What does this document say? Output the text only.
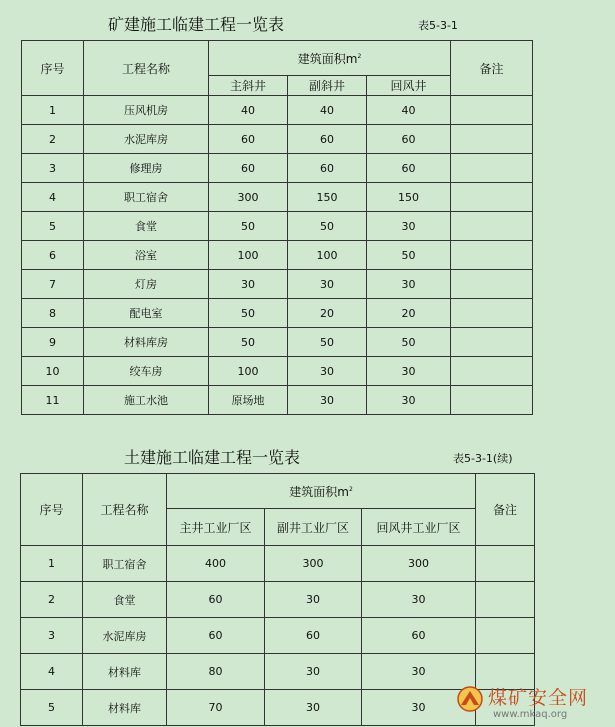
矿建施工临建工程一览表	表5-3-1
序号	工程名称	建筑面积$m^2$			备注
		主斜井	副斜井	回风井	
1	压风机房	40	40	40	
2	水泥库房	60	60	60	
3	修理房	60	60	60	
4	职工宿舍	300	150	150	
5	食堂	50	50	30	
6	浴室	100	100	50	
7	灯房	30	30	30	
8	配电室	50	20	20	
9	材料库房	50	50	50	
10	绞车房	100	30	30	
11	施工水池	原场地	30	30	
土建施工临建工程一览表	表5-3-1(续)
序号	工程名称	建筑面积$m^2$			备注
		主井工业厂区	副井工业厂区	回风井工业厂区	
1	职工宿舍	400	300	300	
2	食堂	60	30	30	
3	水泥库房	60	60	60	
4	材料库	80	30	30	
5	材料库	70	30	30		煤矿安全网
www.mkaq.org
